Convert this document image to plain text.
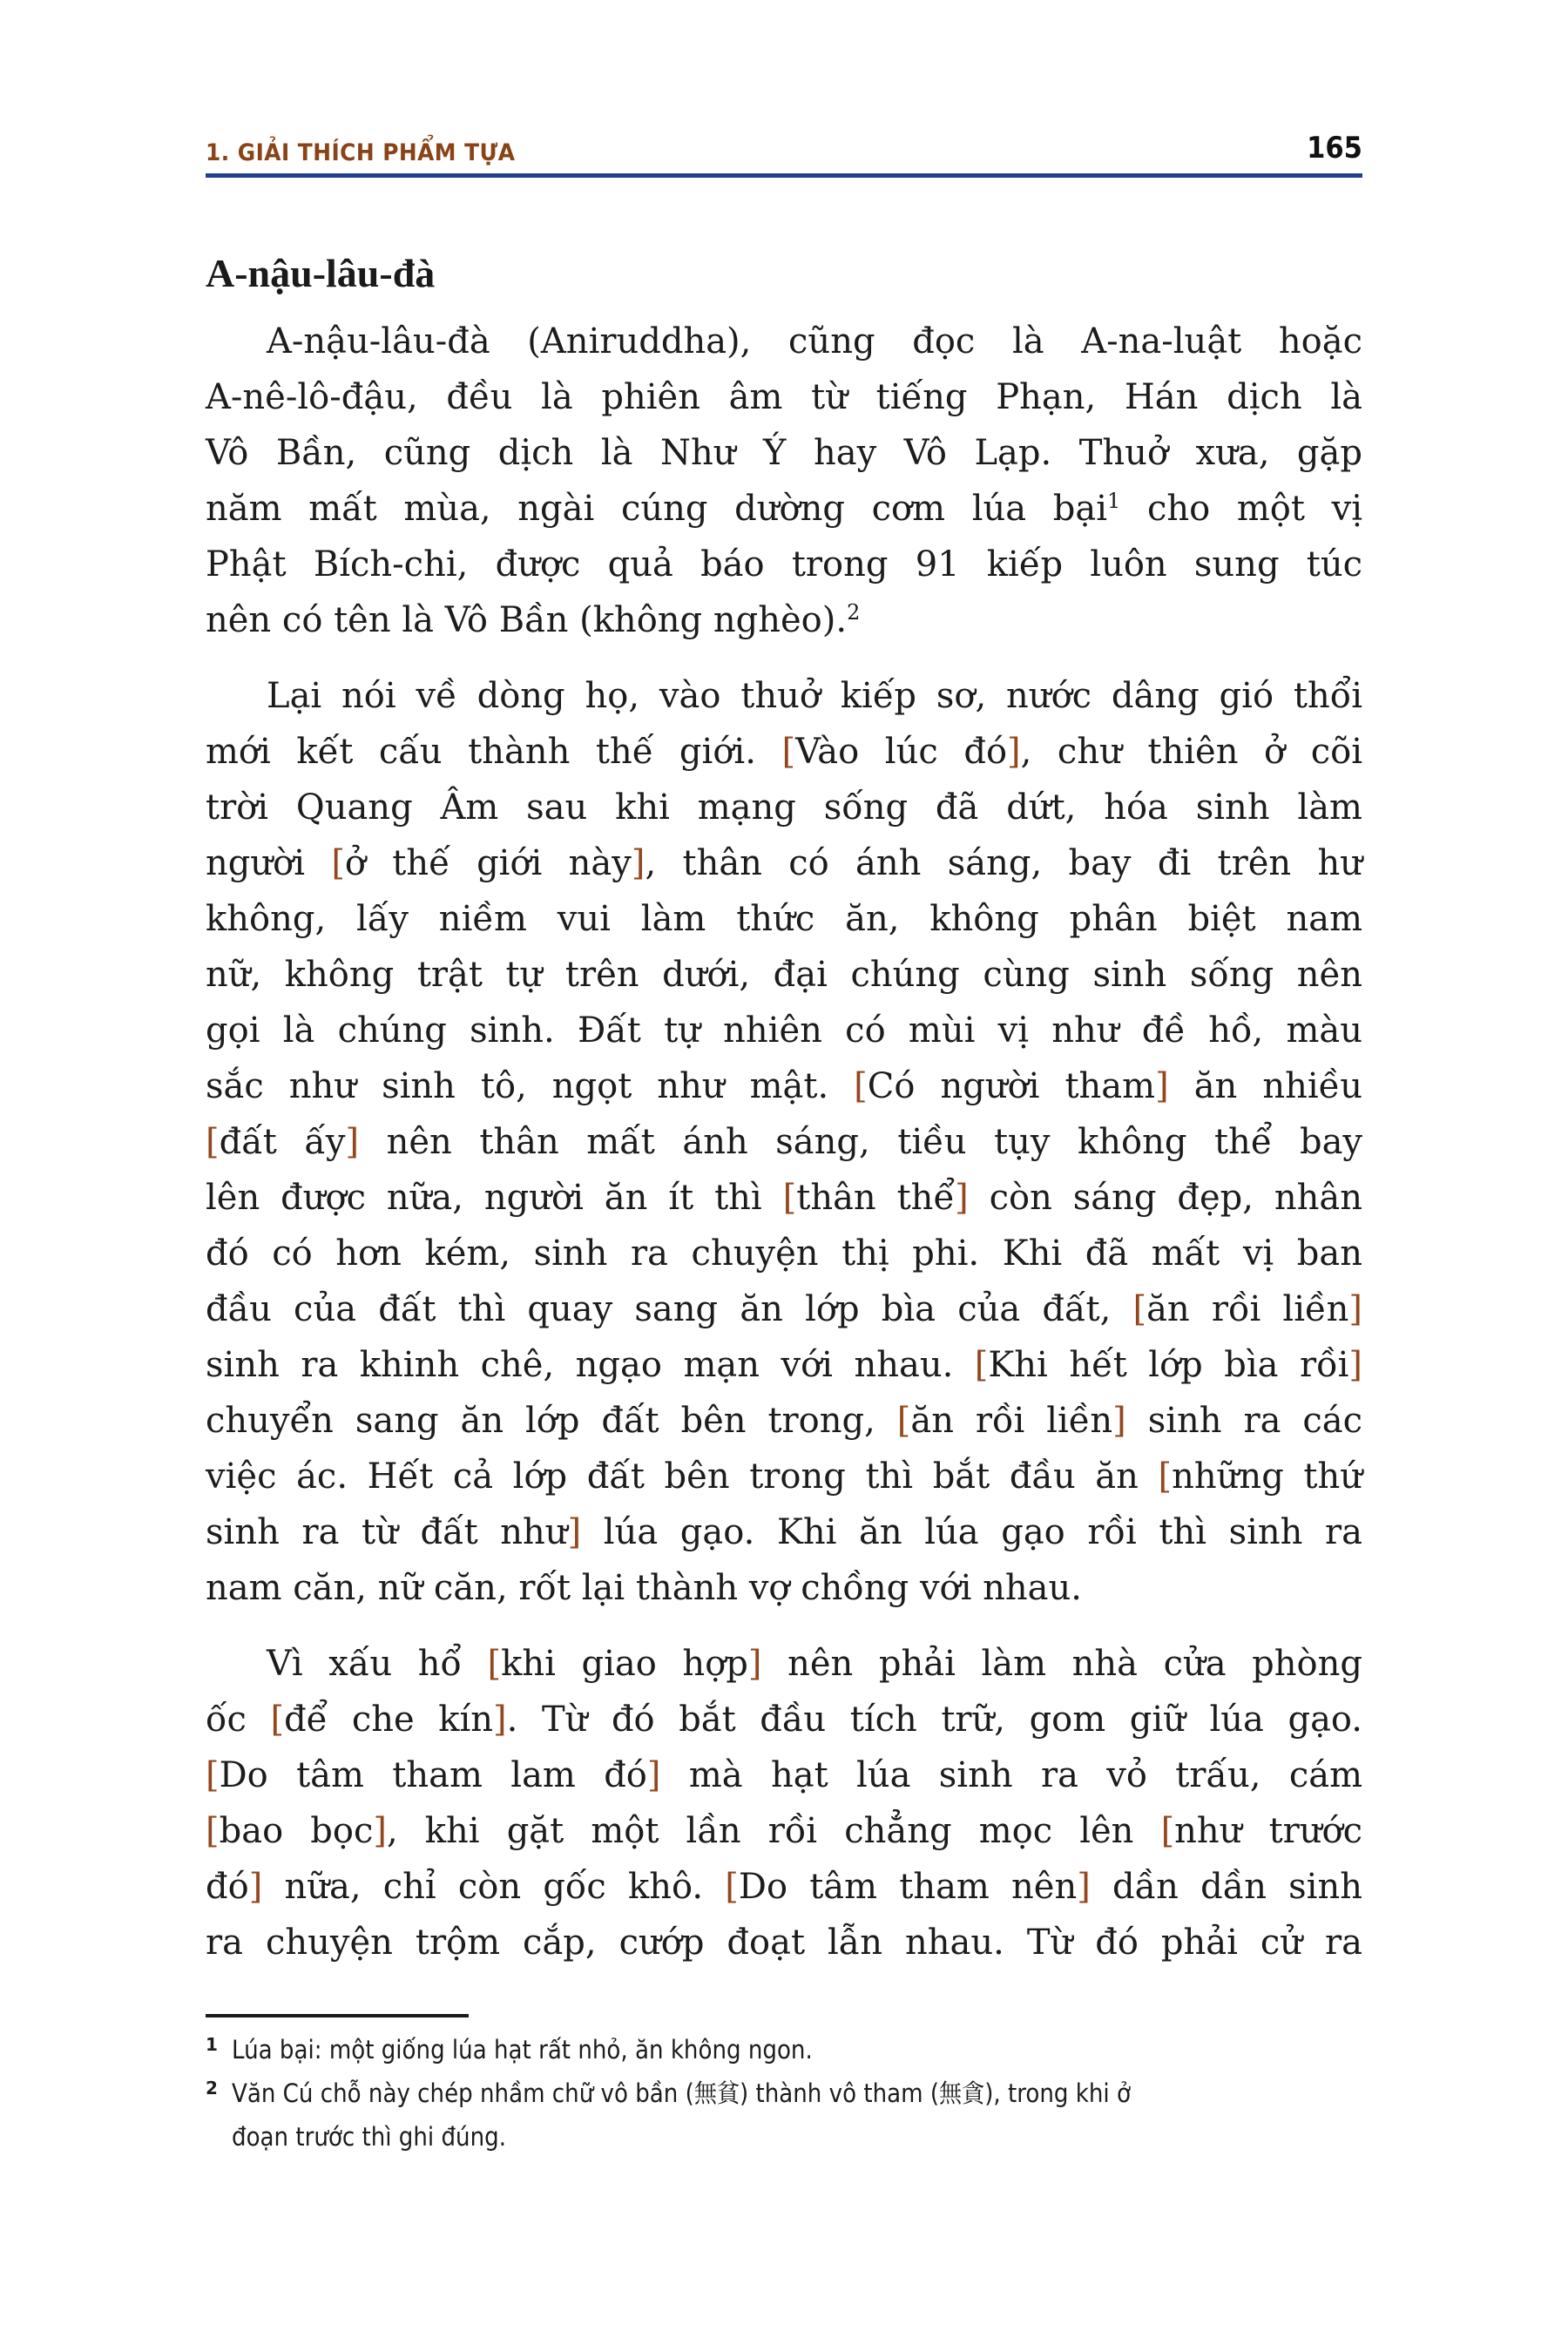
1. GIẢI THÍCH PHẨM TỰA	165
A-nậu-lâu-đà
A-nậu-lâu-đà (Aniruddha), cũng đọc là A-na-luật hoặc
A-nê-lô-đậu, đều là phiên âm từ tiếng Phạn, Hán dịch là
Vô Bần, cũng dịch là Như Ý hay Vô Lạp. Thuở xưa, gặp
năm mất mùa, ngài cúng dường cơm lúa bại$^1$ cho một vị
Phật Bích-chi, được quả báo trong 91 kiếp luôn sung túc
nên có tên là Vô Bần (không nghèo).$^2$
Lại nói về dòng họ, vào thuở kiếp sơ, nước dâng gió thổi
mới kết cấu thành thế giới. [Vào lúc đó], chư thiên ở cõi
trời Quang Âm sau khi mạng sống đã dứt, hóa sinh làm
người [ở thế giới này], thân có ánh sáng, bay đi trên hư
không, lấy niềm vui làm thức ăn, không phân biệt nam
nữ, không trật tự trên dưới, đại chúng cùng sinh sống nên
gọi là chúng sinh. Đất tự nhiên có mùi vị như đề hồ, màu
sắc như sinh tô, ngọt như mật. [Có người tham] ăn nhiều
[đất ấy] nên thân mất ánh sáng, tiều tụy không thể bay
lên được nữa, người ăn ít thì [thân thể] còn sáng đẹp, nhân
đó có hơn kém, sinh ra chuyện thị phi. Khi đã mất vị ban
đầu của đất thì quay sang ăn lớp bìa của đất, [ăn rồi liền]
sinh ra khinh chê, ngạo mạn với nhau. [Khi hết lớp bìa rồi]
chuyển sang ăn lớp đất bên trong, [ăn rồi liền] sinh ra các
việc ác. Hết cả lớp đất bên trong thì bắt đầu ăn [những thứ
sinh ra từ đất như] lúa gạo. Khi ăn lúa gạo rồi thì sinh ra
nam căn, nữ căn, rốt lại thành vợ chồng với nhau.
Vì xấu hổ [khi giao hợp] nên phải làm nhà cửa phòng
ốc [để che kín]. Từ đó bắt đầu tích trữ, gom giữ lúa gạo.
[Do tâm tham lam đó] mà hạt lúa sinh ra vỏ trấu, cám
[bao bọc], khi gặt một lần rồi chẳng mọc lên [như trước
đó] nữa, chỉ còn gốc khô. [Do tâm tham nên] dần dần sinh
ra chuyện trộm cắp, cướp đoạt lẫn nhau. Từ đó phải cử ra
1 Lúa bại: một giống lúa hạt rất nhỏ, ăn không ngon.
2 Văn Cú chỗ này chép nhầm chữ vô bần (無貧) thành vô tham (無貪), trong khi ở
đoạn trước thì ghi đúng.
